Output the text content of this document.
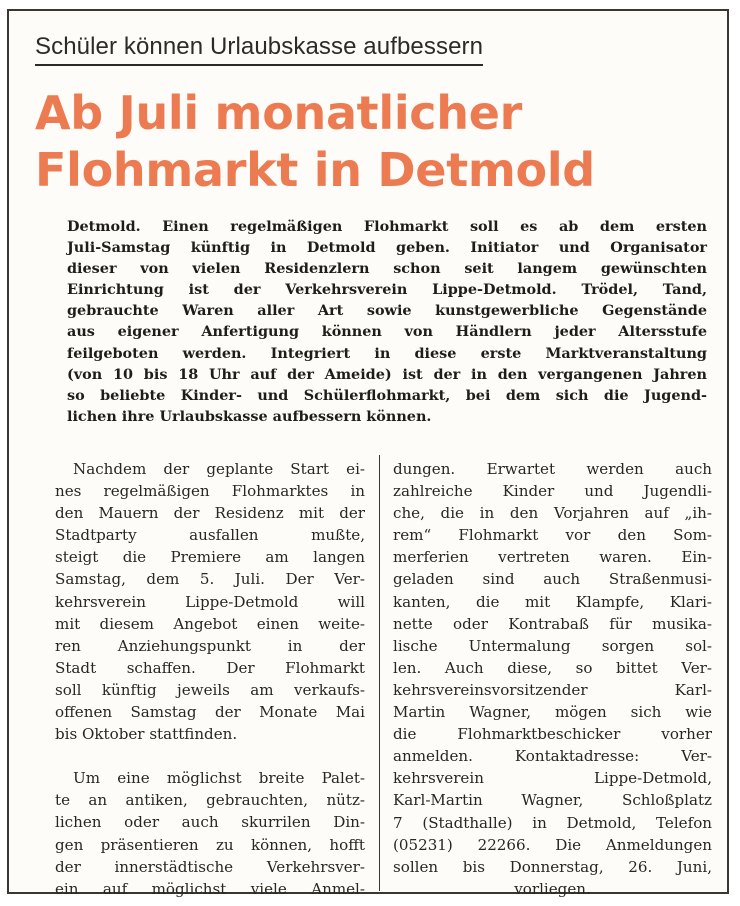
Schüler können Urlaubskasse aufbessern
Ab Juli monatlicher
Flohmarkt in Detmold
Detmold. Einen regelmäßigen Flohmarkt soll es ab dem ersten
Juli-Samstag künftig in Detmold geben. Initiator und Organisator
dieser von vielen Residenzlern schon seit langem gewünschten
Einrichtung ist der Verkehrsverein Lippe-Detmold. Trödel, Tand,
gebrauchte Waren aller Art sowie kunstgewerbliche Gegenstände
aus eigener Anfertigung können von Händlern jeder Altersstufe
feilgeboten werden. Integriert in diese erste Marktveranstaltung
(von 10 bis 18 Uhr auf der Ameide) ist der in den vergangenen Jahren
so beliebte Kinder- und Schülerflohmarkt, bei dem sich die Jugend-
lichen ihre Urlaubskasse aufbessern können.
Nachdem der geplante Start ei-
nes regelmäßigen Flohmarktes in
den Mauern der Residenz mit der
Stadtparty ausfallen mußte,
steigt die Premiere am langen
Samstag, dem 5. Juli. Der Ver-
kehrsverein Lippe-Detmold will
mit diesem Angebot einen weite-
ren Anziehungspunkt in der
Stadt schaffen. Der Flohmarkt
soll künftig jeweils am verkaufs-
offenen Samstag der Monate Mai
bis Oktober stattfinden.
Um eine möglichst breite Palet-
te an antiken, gebrauchten, nütz-
lichen oder auch skurrilen Din-
gen präsentieren zu können, hofft
der innerstädtische Verkehrsver-
ein auf möglichst viele Anmel-
dungen. Erwartet werden auch
zahlreiche Kinder und Jugendli-
che, die in den Vorjahren auf „ih-
rem“ Flohmarkt vor den Som-
merferien vertreten waren. Ein-
geladen sind auch Straßenmusi-
kanten, die mit Klampfe, Klari-
nette oder Kontrabaß für musika-
lische Untermalung sorgen sol-
len. Auch diese, so bittet Ver-
kehrsvereinsvorsitzender Karl-
Martin Wagner, mögen sich wie
die Flohmarktbeschicker vorher
anmelden. Kontaktadresse: Ver-
kehrsverein Lippe-Detmold,
Karl-Martin Wagner, Schloßplatz
7 (Stadthalle) in Detmold, Telefon
(05231) 22266. Die Anmeldungen
sollen bis Donnerstag, 26. Juni,
vorliegen.
